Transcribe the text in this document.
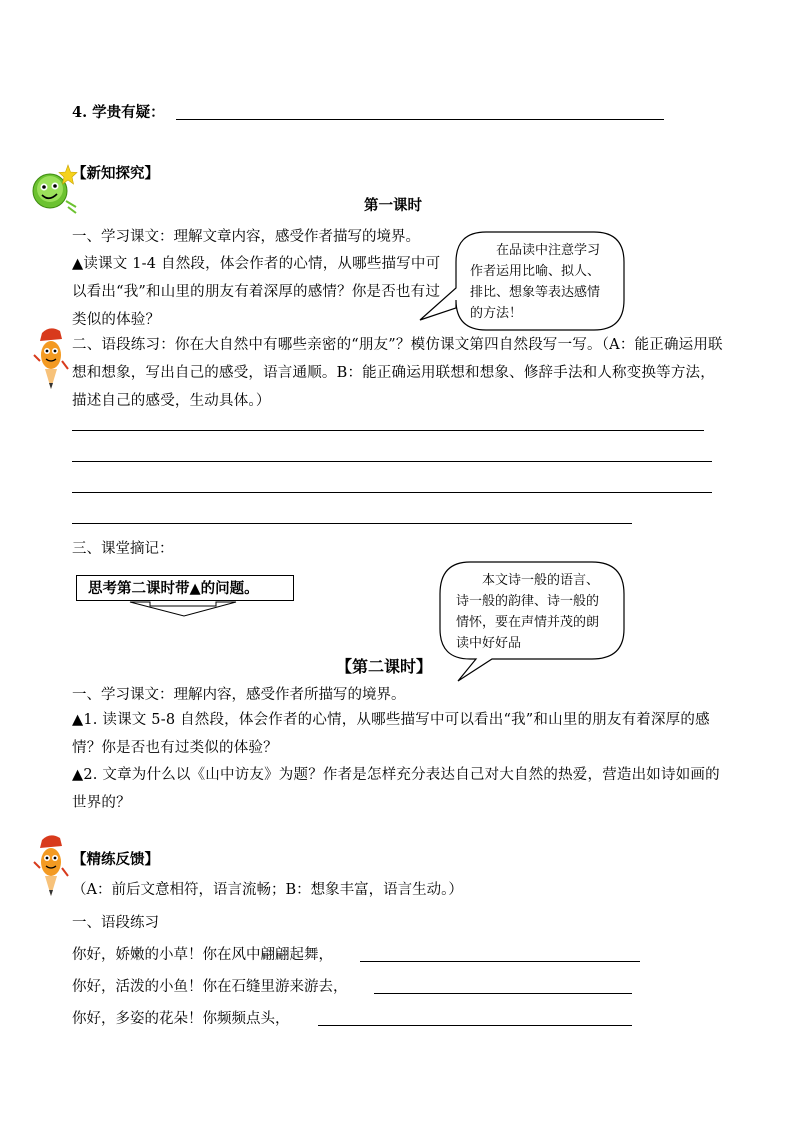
4. 学贵有疑：
【新知探究】
第一课时
一、学习课文：理解文章内容，感受作者描写的境界。
▲读课文 1-4 自然段，体会作者的心情，从哪些描写中可以看出“我”和山里的朋友有着深厚的感情？你是否也有过类似的体验？
在品读中注意学习作者运用比喻、拟人、排比、想象等表达感情的方法！
二、语段练习：你在大自然中有哪些亲密的“朋友”？模仿课文第四自然段写一写。（A：能正确运用联想和想象，写出自己的感受，语言通顺。B：能正确运用联想和想象、修辞手法和人称变换等方法，描述自己的感受，生动具体。）
三、课堂摘记：
思考第二课时带▲的问题。	本文诗一般的语言、诗一般的韵律、诗一般的情怀，要在声情并茂的朗读中好好品
【第二课时】
一、学习课文：理解内容，感受作者所描写的境界。
▲1. 读课文 5-8 自然段，体会作者的心情，从哪些描写中可以看出“我”和山里的朋友有着深厚的感情？你是否也有过类似的体验？
▲2. 文章为什么以《山中访友》为题？作者是怎样充分表达自己对大自然的热爱，营造出如诗如画的世界的？
【精练反馈】
（A：前后文意相符，语言流畅；B：想象丰富，语言生动。）
一、语段练习
你好，娇嫩的小草！你在风中翩翩起舞，
你好，活泼的小鱼！你在石缝里游来游去，
你好，多姿的花朵！你频频点头，
